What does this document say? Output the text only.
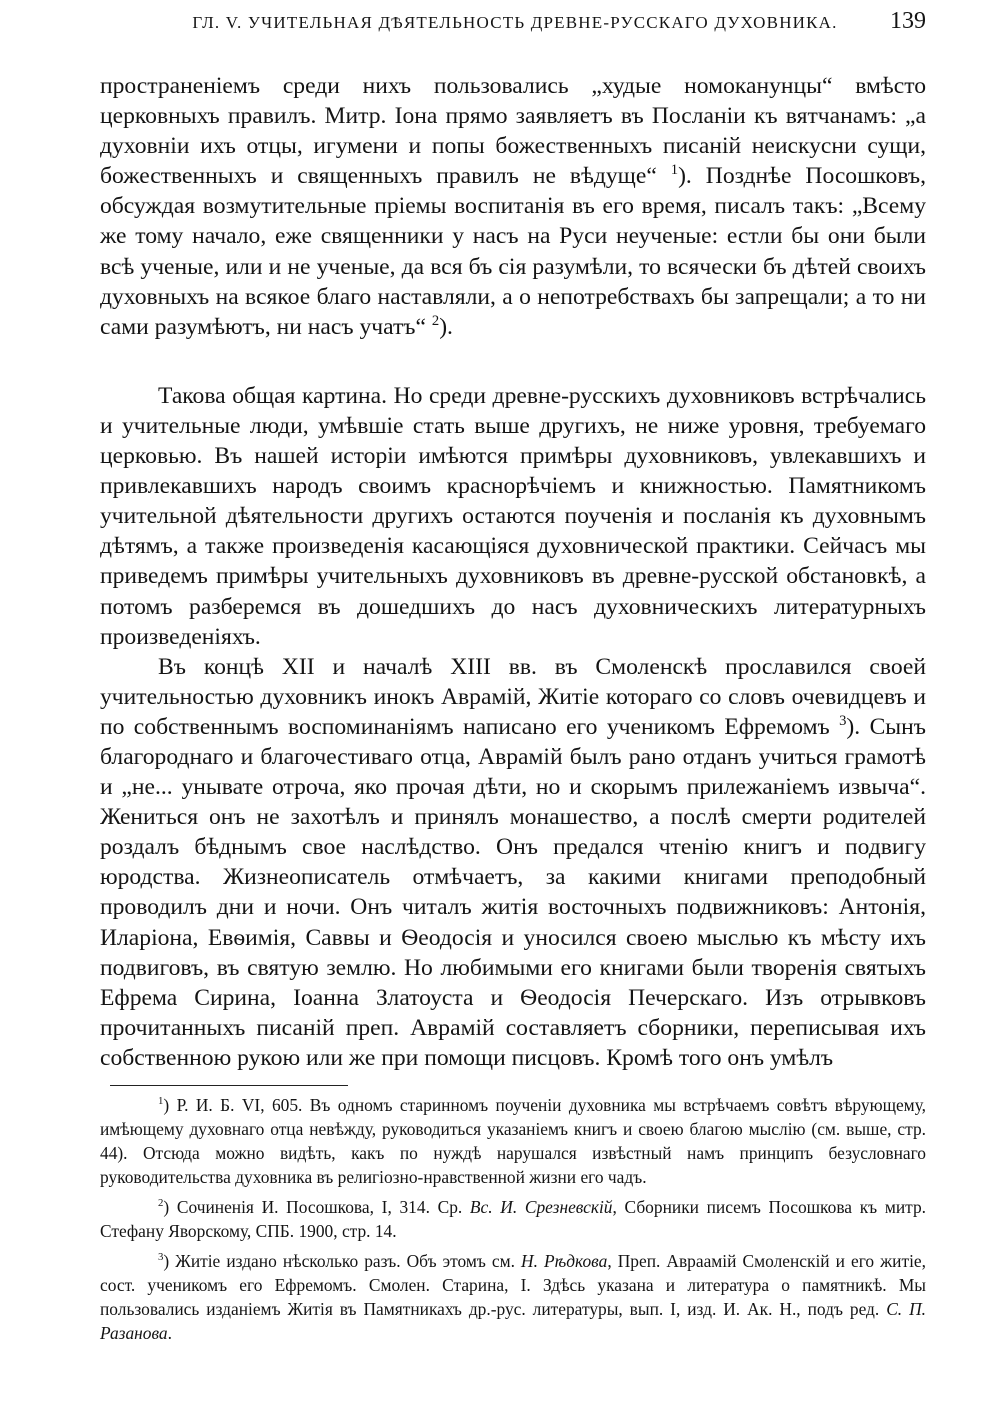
ГЛ. V. УЧИТЕЛЬНАЯ ДѢЯТЕЛЬНОСТЬ ДРЕВНЕ-РУССКАГО ДУХОВНИКА.	139

пространеніемъ среди нихъ пользовались „худые номоканунцы“ вмѣсто церковныхъ правилъ. Митр. Іона прямо заявляетъ въ Посланіи къ вятчанамъ: „а духовніи ихъ отцы, игумени и попы божественныхъ писаній неискусни сущи, божественныхъ и священныхъ правилъ не вѣдуще“ $^1$). Позднѣе Посошковъ, обсуждая возмутительные пріемы воспитанія въ его время, писалъ такъ: „Всему же тому начало, еже священники у насъ на Руси неученые: естли бы они были всѣ ученые, или и не ученые, да вся бъ сія разумѣли, то всячески бъ дѣтей своихъ духовныхъ на всякое благо наставляли, а о непотребствахъ бы запрещали; а то ни сами разумѣютъ, ни насъ учатъ“ $^2$).

Такова общая картина. Но среди древне-русскихъ духовниковъ встрѣчались и учительные люди, умѣвшіе стать выше другихъ, не ниже уровня, требуемаго церковью. Въ нашей исторіи имѣются примѣры духовниковъ, увлекавшихъ и привлекавшихъ народъ своимъ краснорѣчіемъ и книжностью. Памятникомъ учительной дѣятельности другихъ остаются поученія и посланія къ духовнымъ дѣтямъ, а также произведенія касающіяся духовнической практики. Сейчасъ мы приведемъ примѣры учительныхъ духовниковъ въ древне-русской обстановкѣ, а потомъ разберемся въ дошедшихъ до насъ духовническихъ литературныхъ произведеніяхъ.

Въ концѣ XII и началѣ XIII вв. въ Смоленскѣ прославился своей учительностью духовникъ инокъ Аврамій, Житіе котораго со словъ очевидцевъ и по собственнымъ воспоминаніямъ написано его ученикомъ Ефремомъ $^3$). Сынъ благороднаго и благочестиваго отца, Аврамій былъ рано отданъ учиться грамотѣ и „не... унывате отроча, яко прочая дѣти, но и скорымъ прилежаніемъ извыча“. Жениться онъ не захотѣлъ и принялъ монашество, а послѣ смерти родителей роздалъ бѣднымъ свое наслѣдство. Онъ предался чтенію книгъ и подвигу юродства. Жизнеописатель отмѣчаетъ, за какими книгами преподобный проводилъ дни и ночи. Онъ читалъ житія восточныхъ подвижниковъ: Антонія, Иларіона, Евѳимія, Саввы и Ѳеодосія и уносился своею мыслью къ мѣсту ихъ подвиговъ, въ святую землю. Но любимыми его книгами были творенія святыхъ Ефрема Сирина, Іоанна Златоуста и Ѳеодосія Печерскаго. Изъ отрывковъ прочитанныхъ писаній преп. Аврамій составляетъ сборники, переписывая ихъ собственною рукою или же при помощи писцовъ. Кромѣ того онъ умѣлъ

$^1$) Р. И. Б. VI, 605. Въ одномъ старинномъ поученіи духовника мы встрѣчаемъ совѣтъ вѣрующему, имѣющему духовнаго отца невѣжду, руководиться указаніемъ книгъ и своею благою мыслію (см. выше, стр. 44). Отсюда можно видѣть, какъ по нуждѣ нарушался извѣстный намъ принципъ безусловнаго руководительства духовника въ религіозно-нравственной жизни его чадъ.

$^2$) Сочиненія И. Посошкова, I, 314. Ср. Вс. И. Срезневскій, Сборники писемъ Посошкова къ митр. Стефану Яворскому, СПБ. 1900, стр. 14.

$^3$) Житіе издано нѣсколько разъ. Объ этомъ см. Н. Рѣдкова, Преп. Авраамій Смоленскій и его житіе, сост. ученикомъ его Ефремомъ. Смолен. Старина, I. Здѣсь указана и литература о памятникѣ. Мы пользовались изданіемъ Житія въ Памятникахъ др.-рус. литературы, вып. I, изд. И. Ак. Н., подъ ред. С. П. Разанова.
